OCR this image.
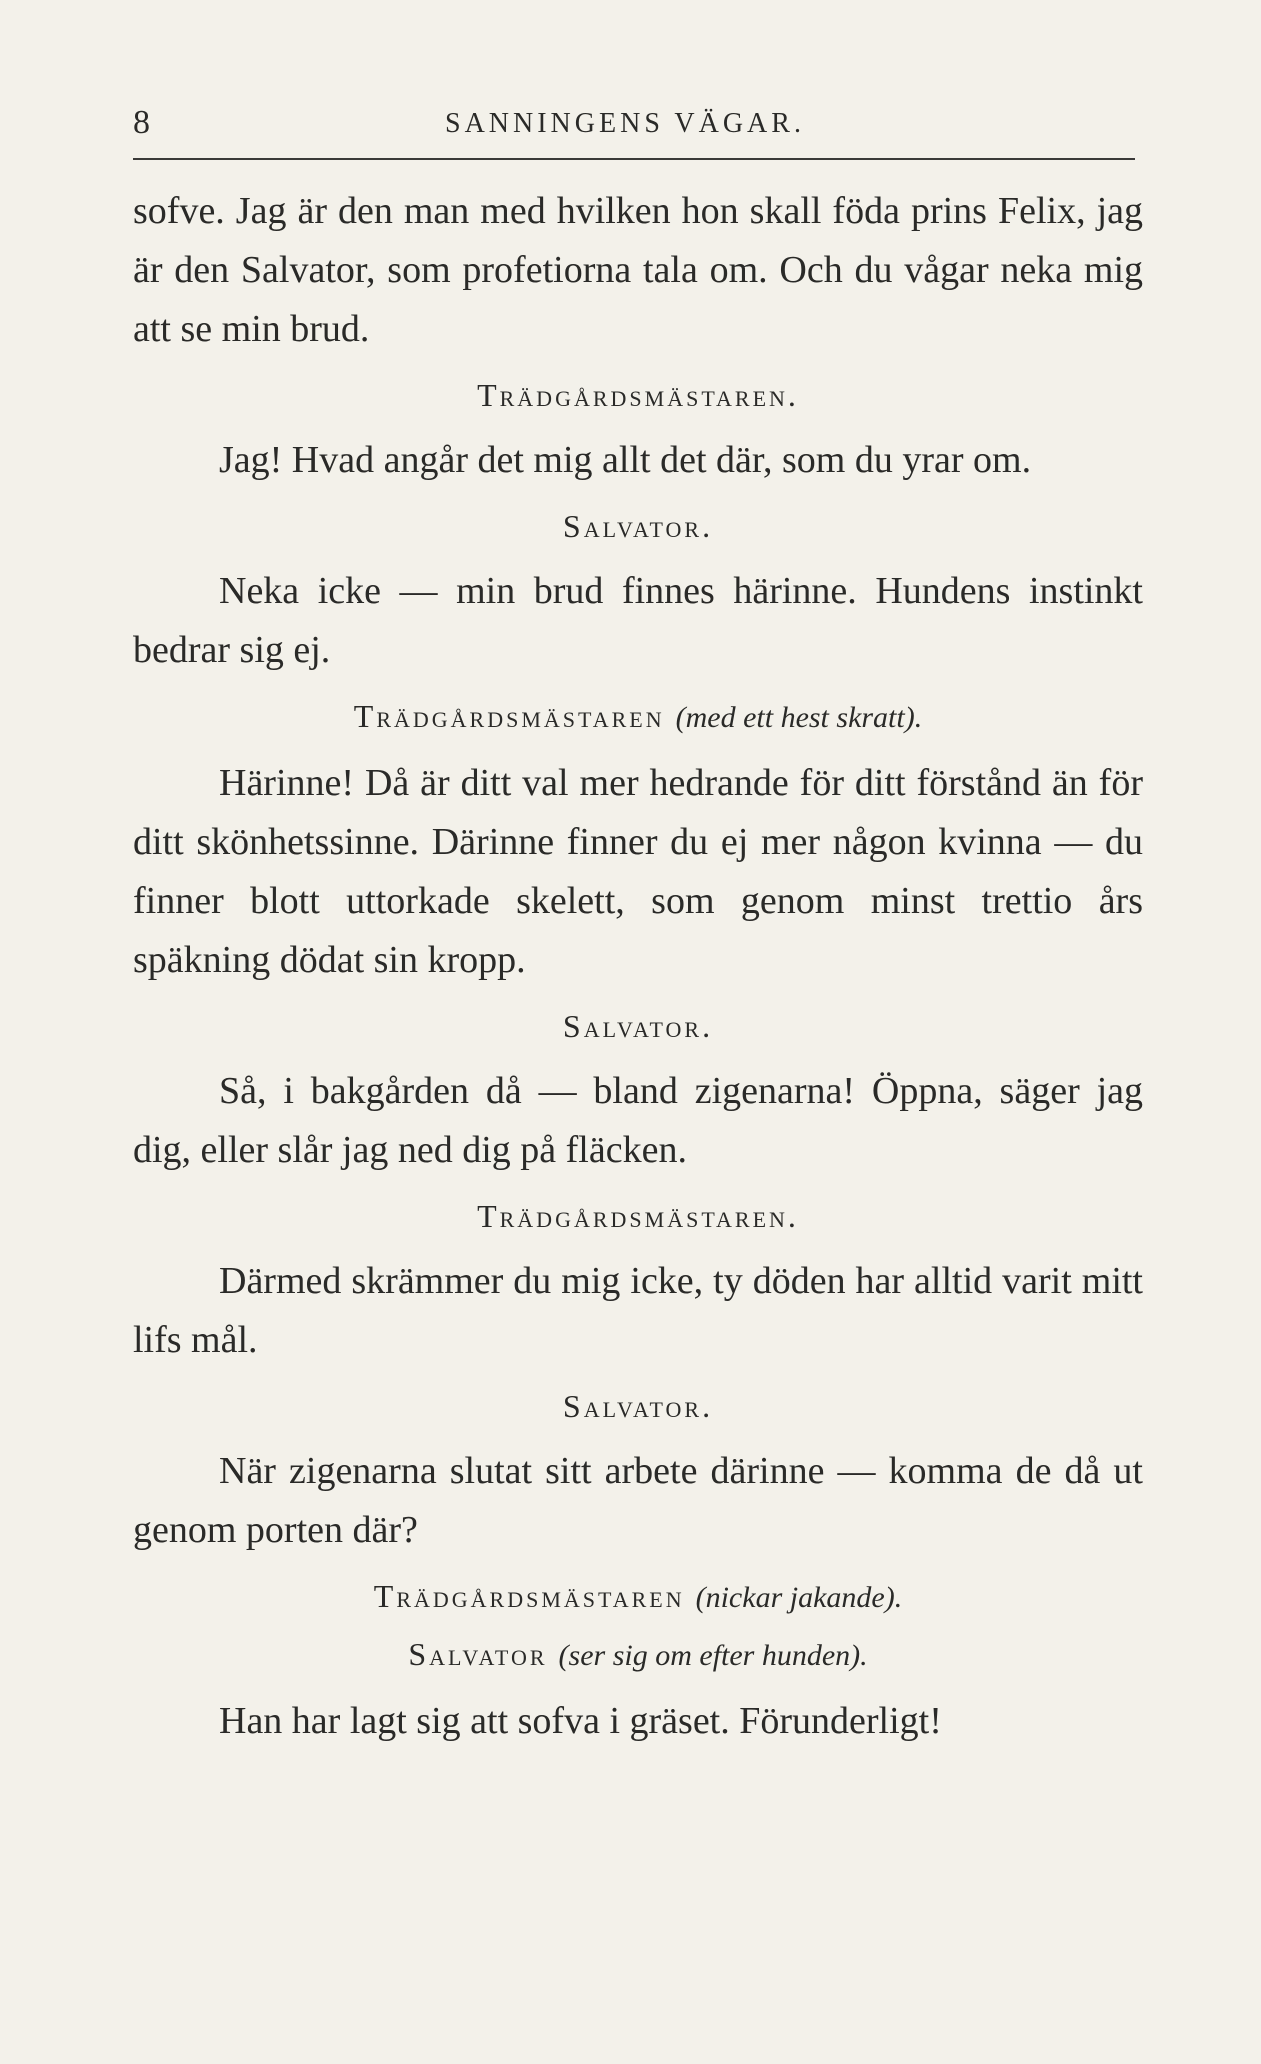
8	SANNINGENS VÄGAR.

sofve. Jag är den man med hvilken hon skall föda prins Felix, jag är den Salvator, som profetiorna tala om. Och du vågar neka mig att se min brud.

Trädgårdsmästaren.

Jag! Hvad angår det mig allt det där, som du yrar om.

Salvator.

Neka icke — min brud finnes härinne. Hundens instinkt bedrar sig ej.

Trädgårdsmästaren (med ett hest skratt).

Härinne! Då är ditt val mer hedrande för ditt förstånd än för ditt skönhetssinne. Därinne finner du ej mer någon kvinna — du finner blott uttorkade skelett, som genom minst trettio års späkning dödat sin kropp.

Salvator.

Så, i bakgården då — bland zigenarna! Öppna, säger jag dig, eller slår jag ned dig på fläcken.

Trädgårdsmästaren.

Därmed skrämmer du mig icke, ty döden har alltid varit mitt lifs mål.

Salvator.

När zigenarna slutat sitt arbete därinne — komma de då ut genom porten där?

Trädgårdsmästaren (nickar jakande).
Salvator (ser sig om efter hunden).

Han har lagt sig att sofva i gräset. Förunderligt!
